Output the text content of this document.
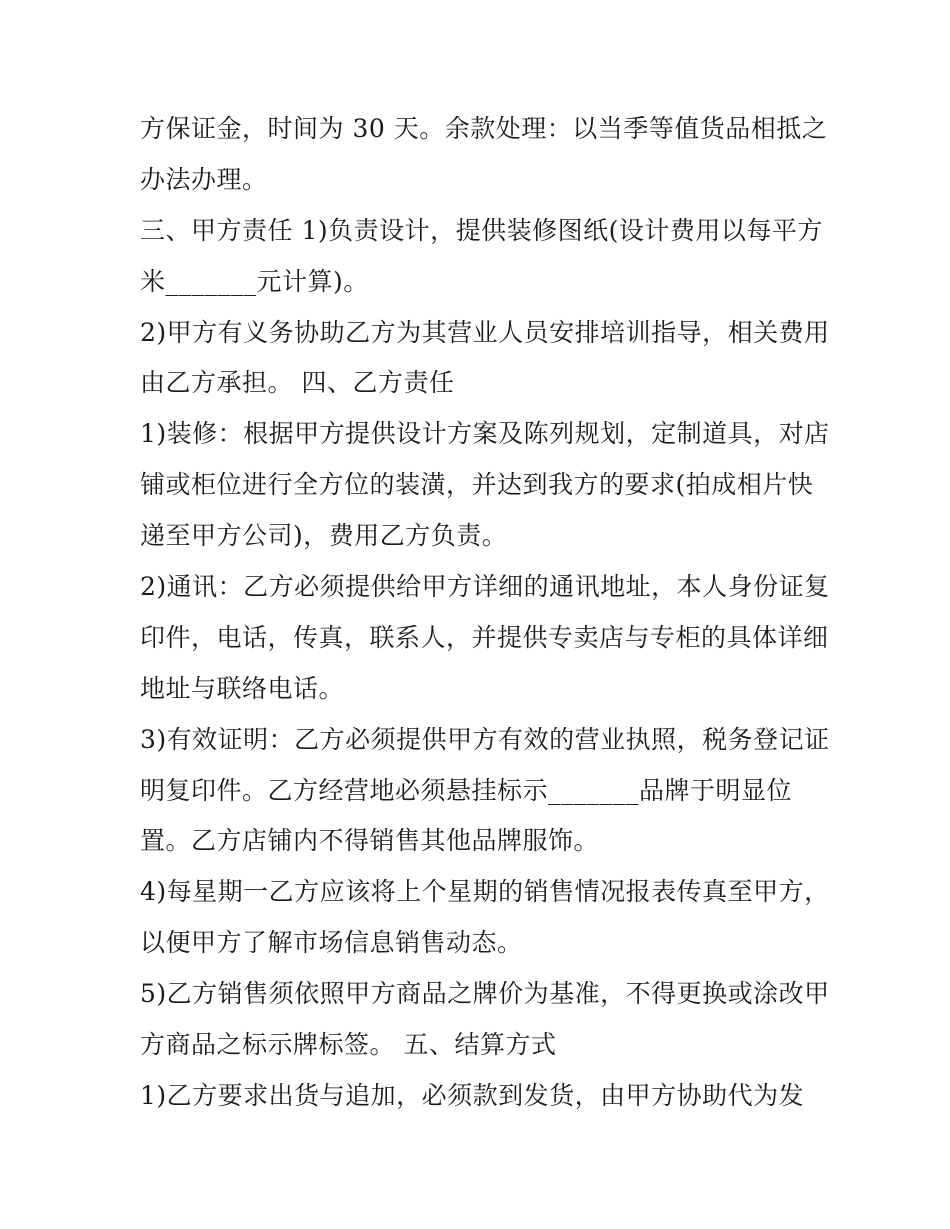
方保证金，时间为 30 天。余款处理：以当季等值货品相抵之
办法办理。
三、甲方责任 1)负责设计，提供装修图纸(设计费用以每平方
米_______元计算)。
2)甲方有义务协助乙方为其营业人员安排培训指导，相关费用
由乙方承担。 四、乙方责任
1)装修：根据甲方提供设计方案及陈列规划，定制道具，对店
铺或柜位进行全方位的装潢，并达到我方的要求(拍成相片快
递至甲方公司)，费用乙方负责。
2)通讯：乙方必须提供给甲方详细的通讯地址，本人身份证复
印件，电话，传真，联系人，并提供专卖店与专柜的具体详细
地址与联络电话。
3)有效证明：乙方必须提供甲方有效的营业执照，税务登记证
明复印件。乙方经营地必须悬挂标示_______品牌于明显位
置。乙方店铺内不得销售其他品牌服饰。
4)每星期一乙方应该将上个星期的销售情况报表传真至甲方，
以便甲方了解市场信息销售动态。
5)乙方销售须依照甲方商品之牌价为基准，不得更换或涂改甲
方商品之标示牌标签。 五、结算方式
1)乙方要求出货与追加，必须款到发货，由甲方协助代为发
